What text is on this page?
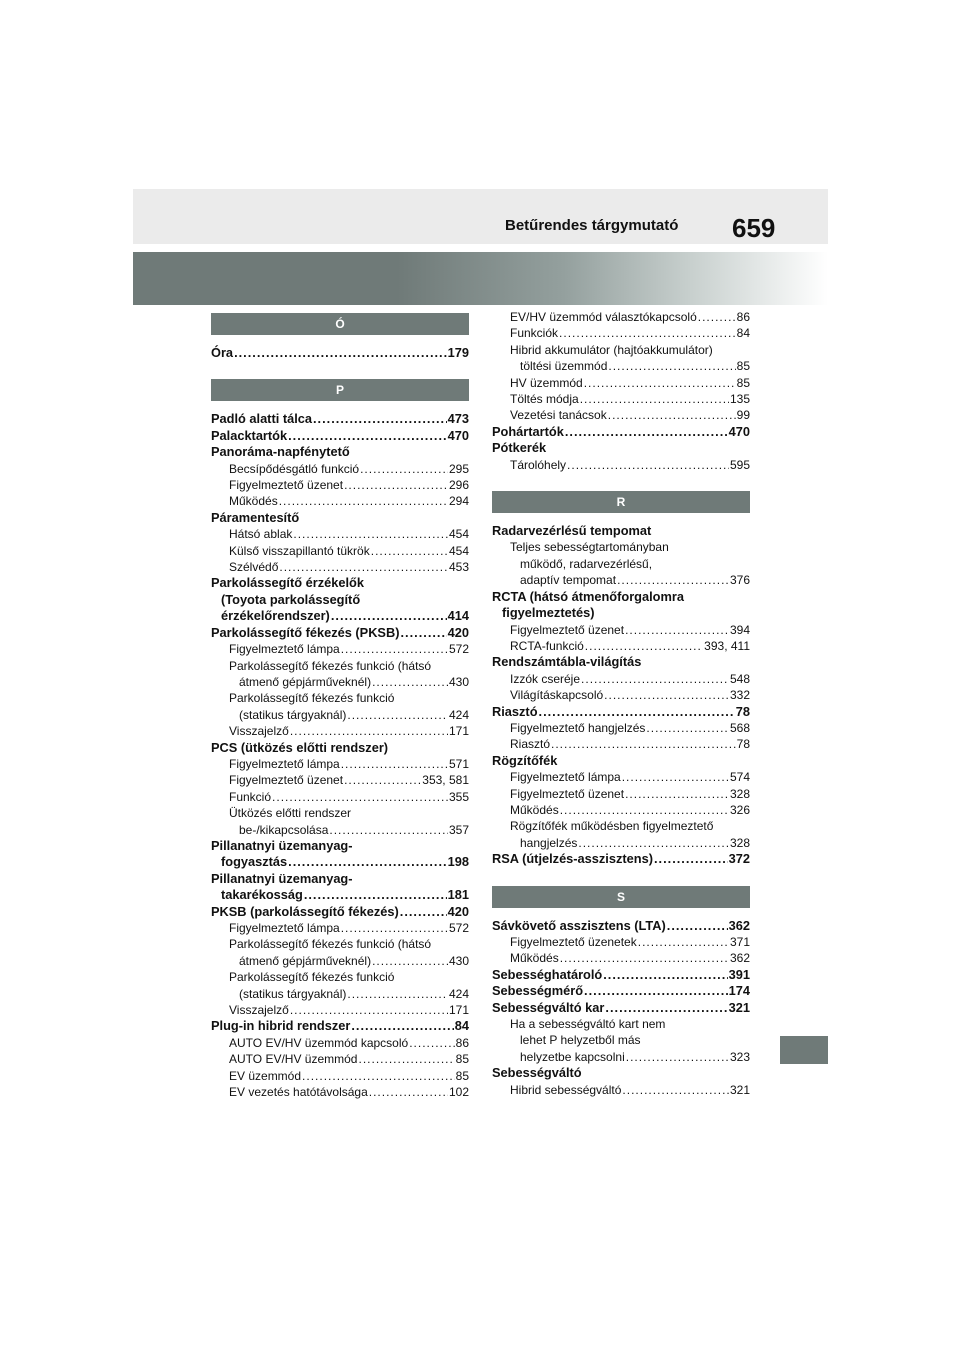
Betűrendes tárgymutató 659
Ó
Óra .....	179
P
Padló alatti tálca .....	473
Palacktartók .....	470
Panoráma-napfénytető
Becsípődésgátló funkció .....	295
Figyelmeztető üzenet .....	296
Működés .....	294
Páramentesítő
Hátsó ablak .....	454
Külső visszapillantó tükrök .....	454
Szélvédő .....	453
Parkolássegítő érzékelők
(Toyota parkolássegítő
érzékelőrendszer) .....	414
Parkolássegítő fékezés (PKSB) .....	420
Figyelmeztető lámpa .....	572
Parkolássegítő fékezés funkció (hátsó
átmenő gépjárműveknél) .....	430
Parkolássegítő fékezés funkció
(statikus tárgyaknál) .....	424
Visszajelző .....	171
PCS (ütközés előtti rendszer)
Figyelmeztető lámpa .....	571
Figyelmeztető üzenet .....	353, 581
Funkció .....	355
Ütközés előtti rendszer
be-/kikapcsolása .....	357
Pillanatnyi üzemanyag-
fogyasztás .....	198
Pillanatnyi üzemanyag-
takarékosság .....	181
PKSB (parkolássegítő fékezés) .....	420
Figyelmeztető lámpa .....	572
Parkolássegítő fékezés funkció (hátsó
átmenő gépjárműveknél) .....	430
Parkolássegítő fékezés funkció
(statikus tárgyaknál) .....	424
Visszajelző .....	171
Plug-in hibrid rendszer .....	84
AUTO EV/HV üzemmód kapcsoló .....	86
AUTO EV/HV üzemmód .....	85
EV üzemmód .....	85
EV vezetés hatótávolsága .....	102
EV/HV üzemmód választókapcsoló .....	86
Funkciók .....	84
Hibrid akkumulátor (hajtóakkumulátor)
töltési üzemmód .....	85
HV üzemmód .....	85
Töltés módja .....	135
Vezetési tanácsok .....	99
Pohártartók .....	470
Pótkerék
Tárolóhely .....	595
R
Radarvezérlésű tempomat
Teljes sebességtartományban
működő, radarvezérlésű,
adaptív tempomat .....	376
RCTA (hátsó átmenőforgalomra
figyelmeztetés)
Figyelmeztető üzenet .....	394
RCTA-funkció .....	393, 411
Rendszámtábla-világítás
Izzók cseréje .....	548
Világításkapcsoló .....	332
Riasztó .....	78
Figyelmeztető hangjelzés .....	568
Riasztó .....	78
Rögzítőfék
Figyelmeztető lámpa .....	574
Figyelmeztető üzenet .....	328
Működés .....	326
Rögzítőfék működésben figyelmeztető
hangjelzés .....	328
RSA (útjelzés-asszisztens) .....	372
S
Sávkövető asszisztens (LTA) .....	362
Figyelmeztető üzenetek .....	371
Működés .....	362
Sebességhatároló .....	391
Sebességmérő .....	174
Sebességváltó kar .....	321
Ha a sebességváltó kart nem
lehet P helyzetből más
helyzetbe kapcsolni .....	323
Sebességváltó
Hibrid sebességváltó .....	321
